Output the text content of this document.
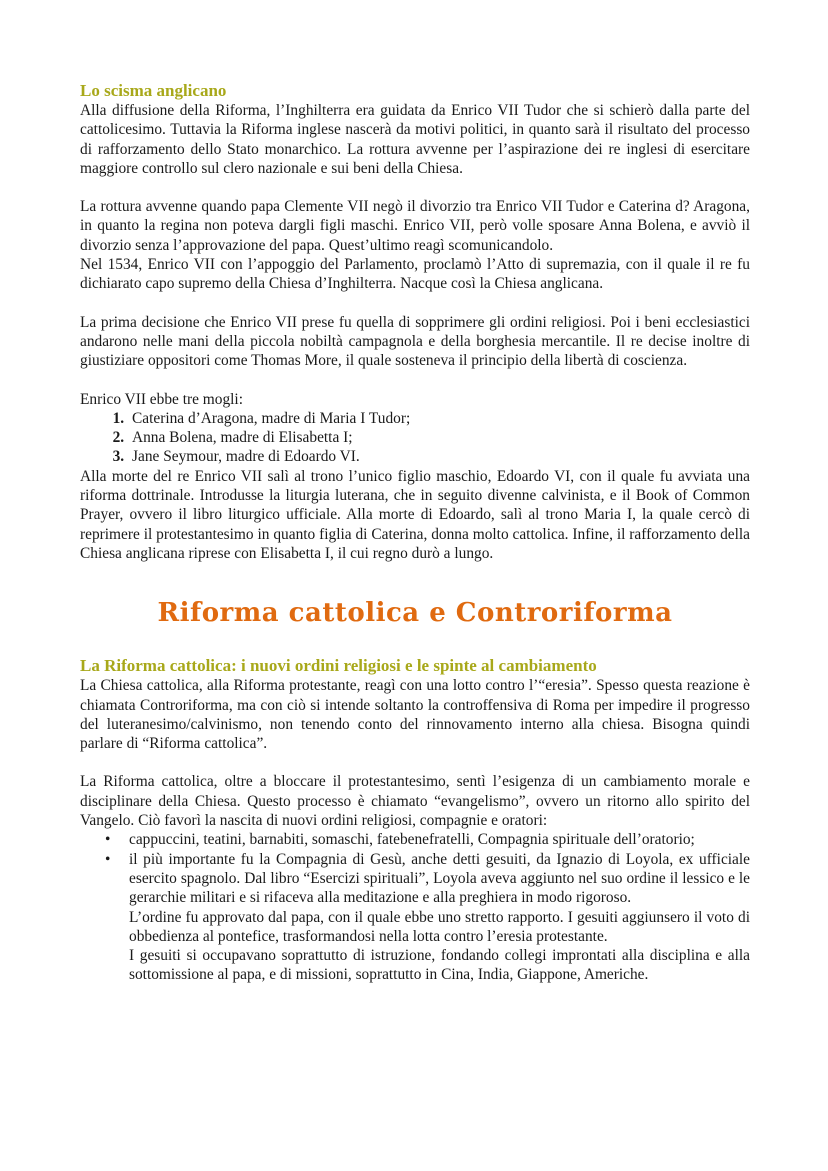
Lo scisma anglicano

Alla diffusione della Riforma, l’Inghilterra era guidata da Enrico VII Tudor che si schierò dalla parte del cattolicesimo. Tuttavia la Riforma inglese nascerà da motivi politici, in quanto sarà il risultato del processo di rafforzamento dello Stato monarchico. La rottura avvenne per l’aspirazione dei re inglesi di esercitare maggiore controllo sul clero nazionale e sui beni della Chiesa.

La rottura avvenne quando papa Clemente VII negò il divorzio tra Enrico VII Tudor e Caterina d? Aragona, in quanto la regina non poteva dargli figli maschi. Enrico VII, però volle sposare Anna Bolena, e avviò il divorzio senza l’approvazione del papa. Quest’ultimo reagì scomunicandolo.

Nel 1534, Enrico VII con l’appoggio del Parlamento, proclamò l’Atto di supremazia, con il quale il re fu dichiarato capo supremo della Chiesa d’Inghilterra. Nacque così la Chiesa anglicana.

La prima decisione che Enrico VII prese fu quella di sopprimere gli ordini religiosi. Poi i beni ecclesiastici andarono nelle mani della piccola nobiltà campagnola e della borghesia mercantile. Il re decise inoltre di giustiziare oppositori come Thomas More, il quale sosteneva il principio della libertà di coscienza.

Enrico VII ebbe tre mogli:

1. Caterina d’Aragona, madre di Maria I Tudor;
2. Anna Bolena, madre di Elisabetta I;
3. Jane Seymour, madre di Edoardo VI.

Alla morte del re Enrico VII salì al trono l’unico figlio maschio, Edoardo VI, con il quale fu avviata una riforma dottrinale. Introdusse la liturgia luterana, che in seguito divenne calvinista, e il Book of Common Prayer, ovvero il libro liturgico ufficiale. Alla morte di Edoardo, salì al trono Maria I, la quale cercò di reprimere il protestantesimo in quanto figlia di Caterina, donna molto cattolica. Infine, il rafforzamento della Chiesa anglicana riprese con Elisabetta I, il cui regno durò a lungo.

Riforma cattolica e Controriforma
La Riforma cattolica: i nuovi ordini religiosi e le spinte al cambiamento

La Chiesa cattolica, alla Riforma protestante, reagì con una lotto contro l’“eresia”. Spesso questa reazione è chiamata Controriforma, ma con ciò si intende soltanto la controffensiva di Roma per impedire il progresso del luteranesimo/calvinismo, non tenendo conto del rinnovamento interno alla chiesa. Bisogna quindi parlare di “Riforma cattolica”.

La Riforma cattolica, oltre a bloccare il protestantesimo, sentì l’esigenza di un cambiamento morale e disciplinare della Chiesa. Questo processo è chiamato “evangelismo”, ovvero un ritorno allo spirito del Vangelo. Ciò favorì la nascita di nuovi ordini religiosi, compagnie e oratori:

• cappuccini, teatini, barnabiti, somaschi, fatebenefratelli, Compagnia spirituale dell’oratorio;
• il più importante fu la Compagnia di Gesù, anche detti gesuiti, da Ignazio di Loyola, ex ufficiale esercito spagnolo. Dal libro “Esercizi spirituali”, Loyola aveva aggiunto nel suo ordine il lessico e le gerarchie militari e si rifaceva alla meditazione e alla preghiera in modo rigoroso.
L’ordine fu approvato dal papa, con il quale ebbe uno stretto rapporto. I gesuiti aggiunsero il voto di obbedienza al pontefice, trasformandosi nella lotta contro l’eresia protestante.
I gesuiti si occupavano soprattutto di istruzione, fondando collegi improntati alla disciplina e alla sottomissione al papa, e di missioni, soprattutto in Cina, India, Giappone, Americhe.
